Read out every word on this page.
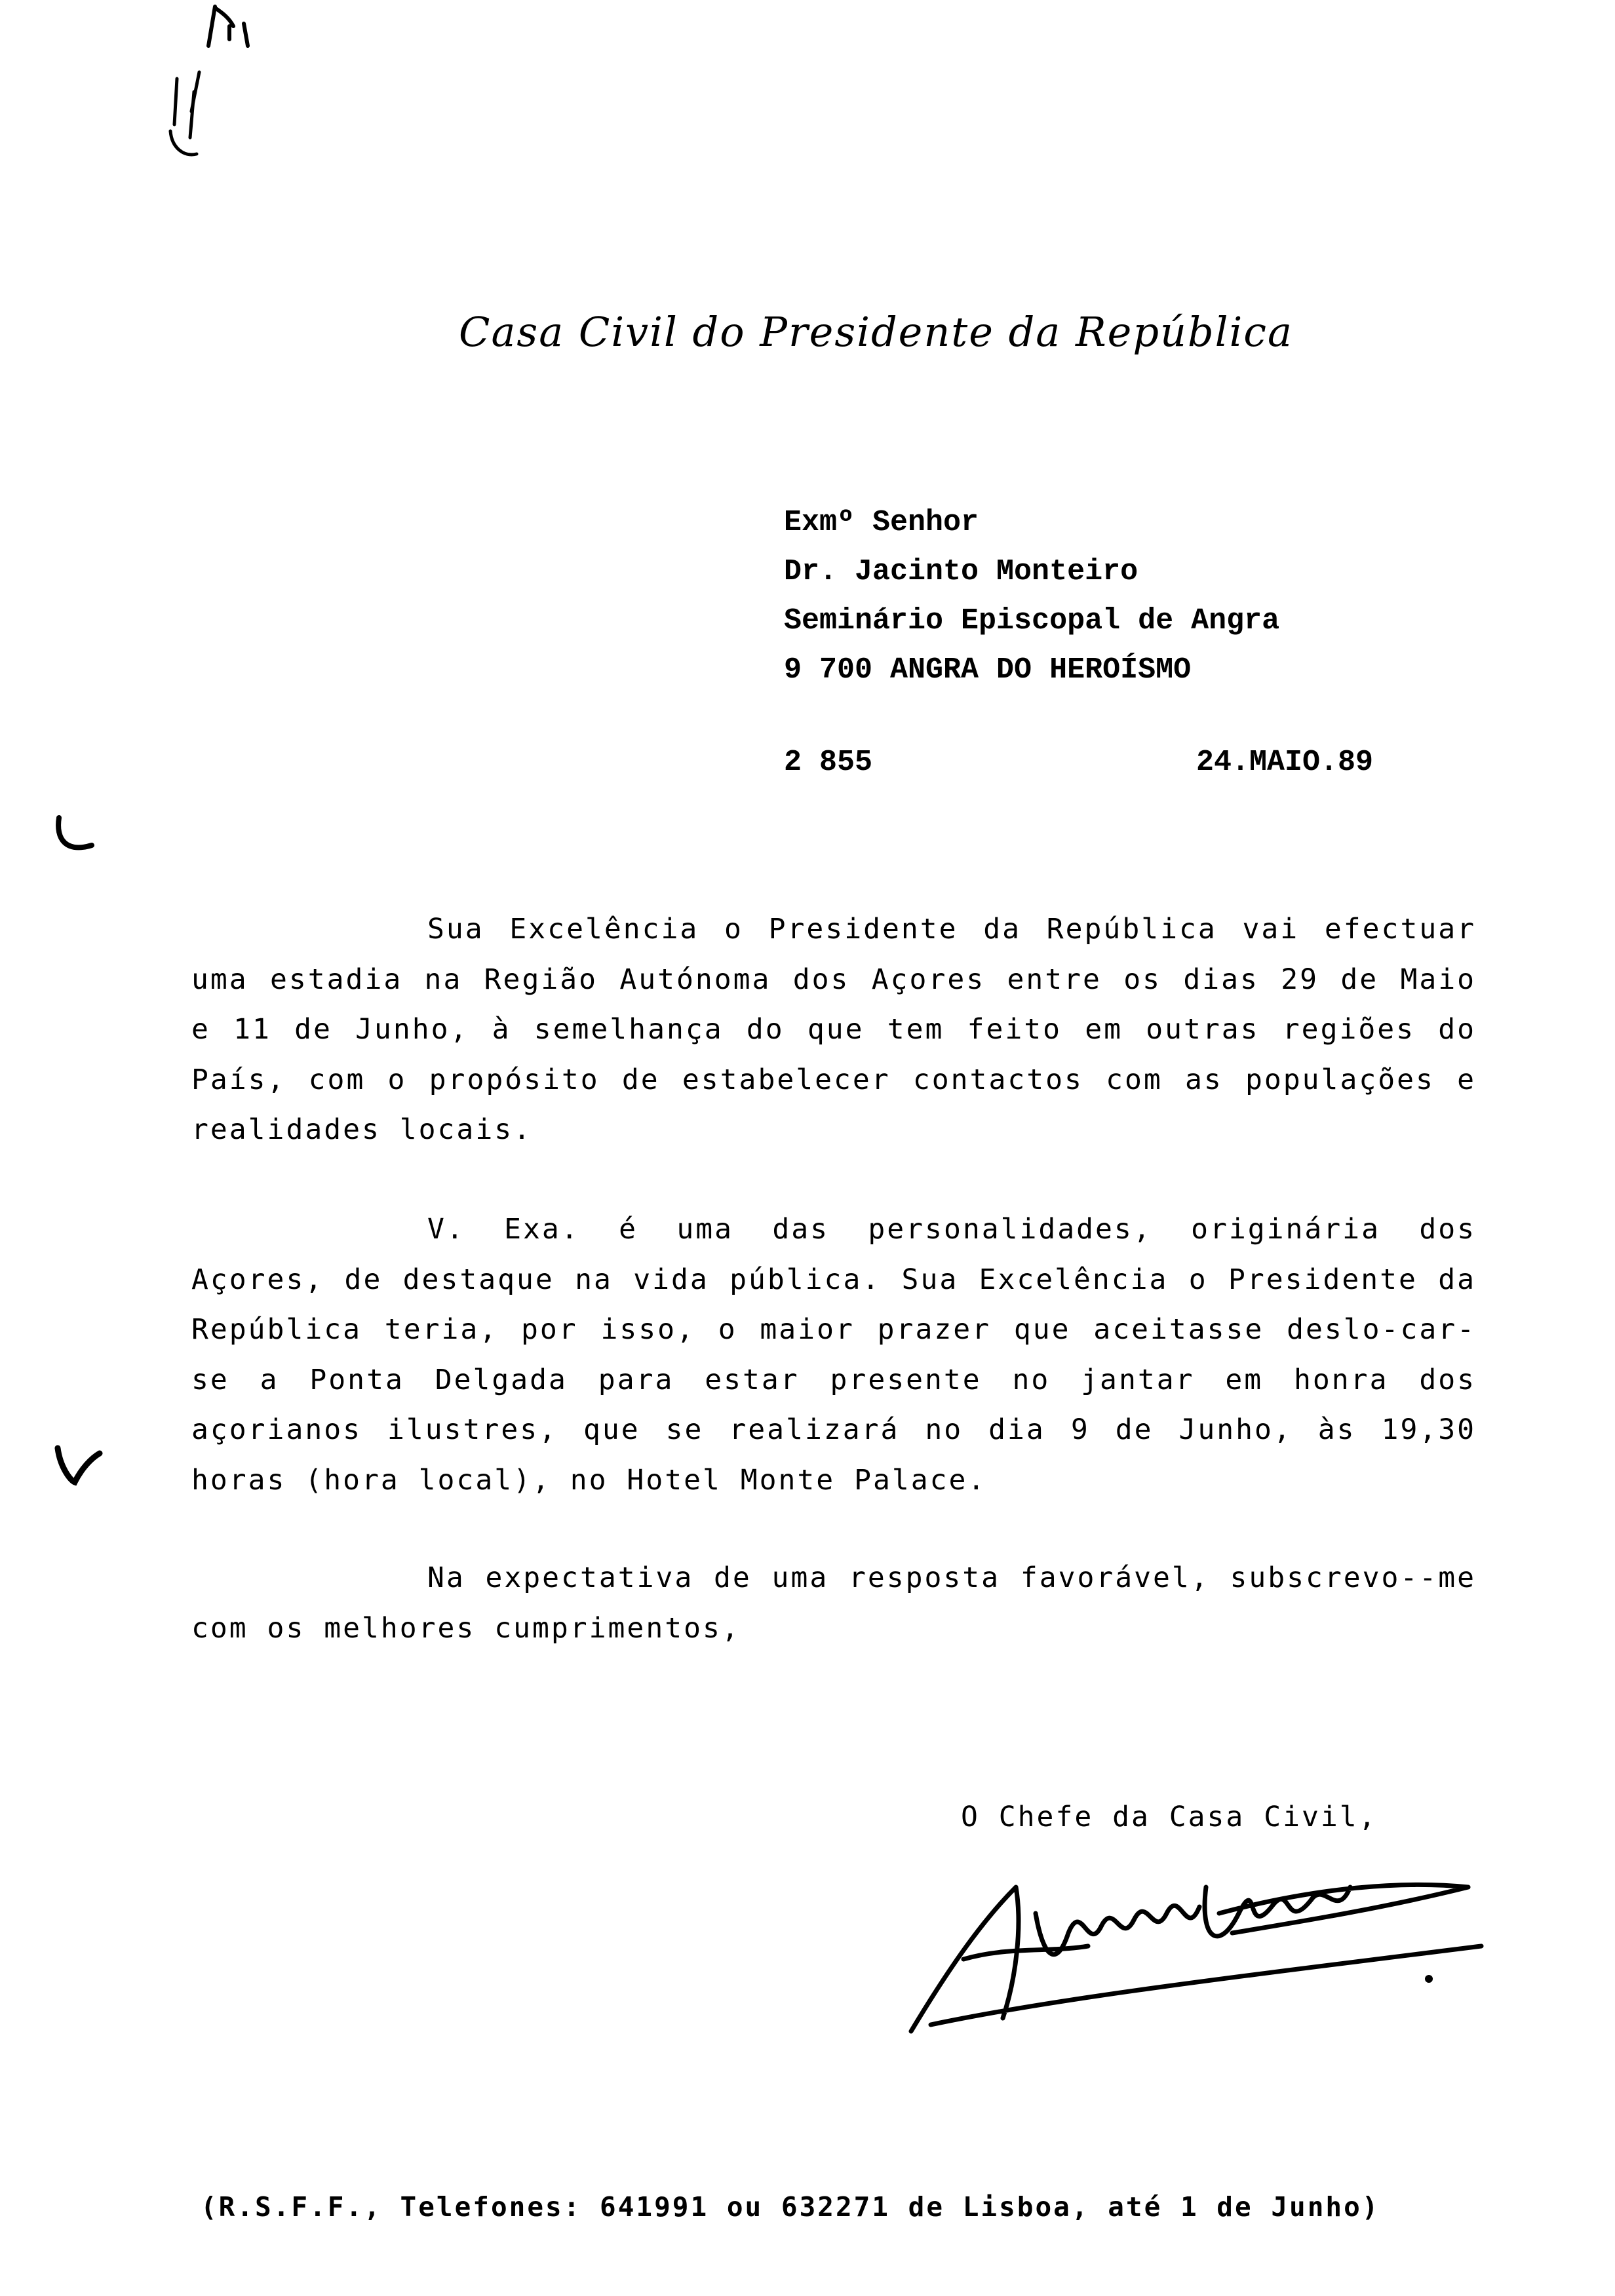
Casa Civil do Presidente da República
Exmº Senhor
Dr. Jacinto Monteiro
Seminário Episcopal de Angra
9 700 ANGRA DO HEROÍSMO
2 855	24.MAIO.89

Sua Excelência o Presidente da República vai efectuar uma estadia na Região Autónoma dos Açores entre os dias 29 de Maio e 11 de Junho, à semelhança do que tem feito em outras regiões do País, com o propósito de estabelecer contactos com as populações e realidades locais.

V. Exa. é uma das personalidades, originária dos Açores, de destaque na vida pública. Sua Excelência o Presidente da República teria, por isso, o maior prazer que aceitasse deslo-car-se a Ponta Delgada para estar presente no jantar em honra dos açorianos ilustres, que se realizará no dia 9 de Junho, às 19,30 horas (hora local), no Hotel Monte Palace.

Na expectativa de uma resposta favorável, subscrevo--me com os melhores cumprimentos,

O Chefe da Casa Civil,
(R.S.F.F., Telefones: 641991 ou 632271 de Lisboa, até 1 de Junho)
